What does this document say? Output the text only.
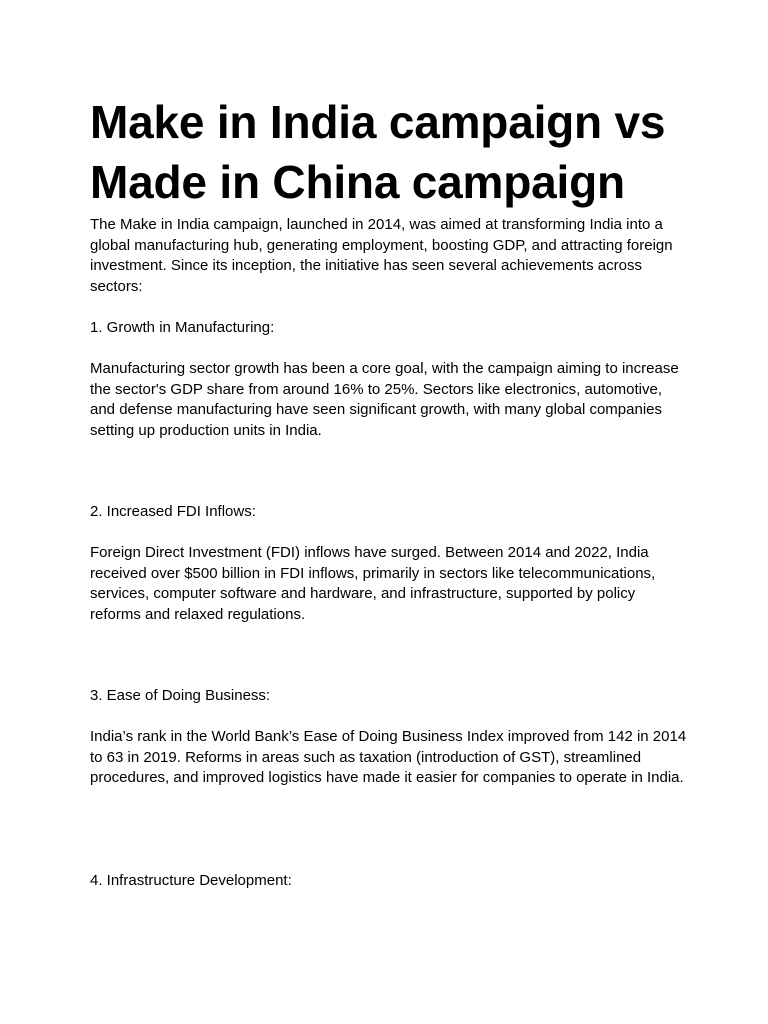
Make in India campaign vs
Made in China campaign

The Make in India campaign, launched in 2014, was aimed at transforming India into a global manufacturing hub, generating employment, boosting GDP, and attracting foreign investment. Since its inception, the initiative has seen several achievements across sectors:

1. Growth in Manufacturing:

Manufacturing sector growth has been a core goal, with the campaign aiming to increase the sector's GDP share from around 16% to 25%. Sectors like electronics, automotive, and defense manufacturing have seen significant growth, with many global companies setting up production units in India.

2. Increased FDI Inflows:

Foreign Direct Investment (FDI) inflows have surged. Between 2014 and 2022, India received over $500 billion in FDI inflows, primarily in sectors like telecommunications, services, computer software and hardware, and infrastructure, supported by policy reforms and relaxed regulations.

3. Ease of Doing Business:

India’s rank in the World Bank’s Ease of Doing Business Index improved from 142 in 2014 to 63 in 2019. Reforms in areas such as taxation (introduction of GST), streamlined procedures, and improved logistics have made it easier for companies to operate in India.

4. Infrastructure Development:
